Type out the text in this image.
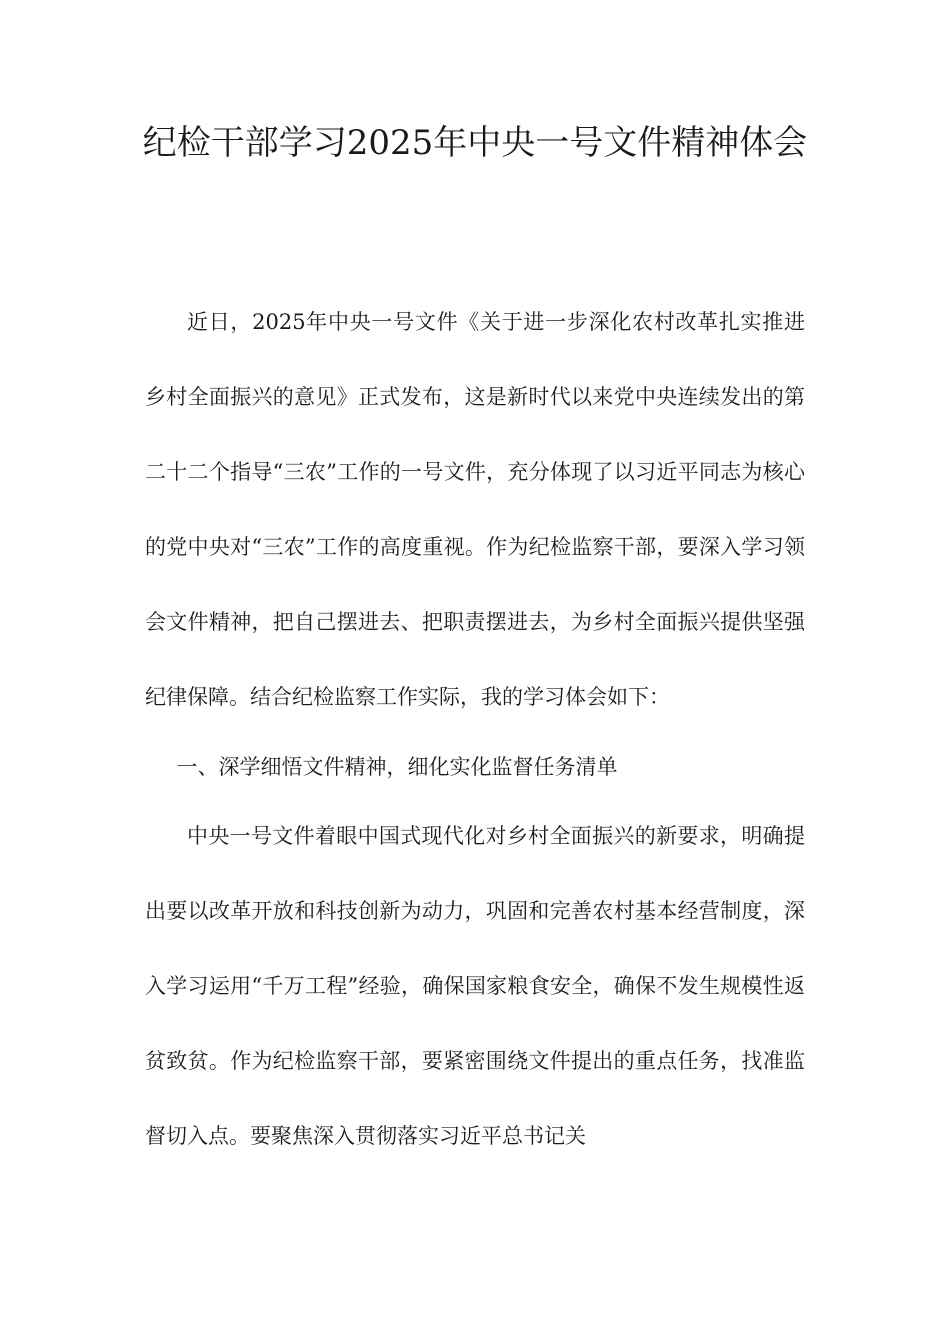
纪检干部学习2025年中央一号文件精神体会

近日，2025年中央一号文件《关于进一步深化农村改革扎实推进乡村全面振兴的意见》正式发布，这是新时代以来党中央连续发出的第二十二个指导“三农”工作的一号文件，充分体现了以习近平同志为核心的党中央对“三农”工作的高度重视。作为纪检监察干部，要深入学习领会文件精神，把自己摆进去、把职责摆进去，为乡村全面振兴提供坚强纪律保障。结合纪检监察工作实际，我的学习体会如下：

一、深学细悟文件精神，细化实化监督任务清单

中央一号文件着眼中国式现代化对乡村全面振兴的新要求，明确提出要以改革开放和科技创新为动力，巩固和完善农村基本经营制度，深入学习运用“千万工程”经验，确保国家粮食安全，确保不发生规模性返贫致贫。作为纪检监察干部，要紧密围绕文件提出的重点任务，找准监督切入点。要聚焦深入贯彻落实习近平总书记关
